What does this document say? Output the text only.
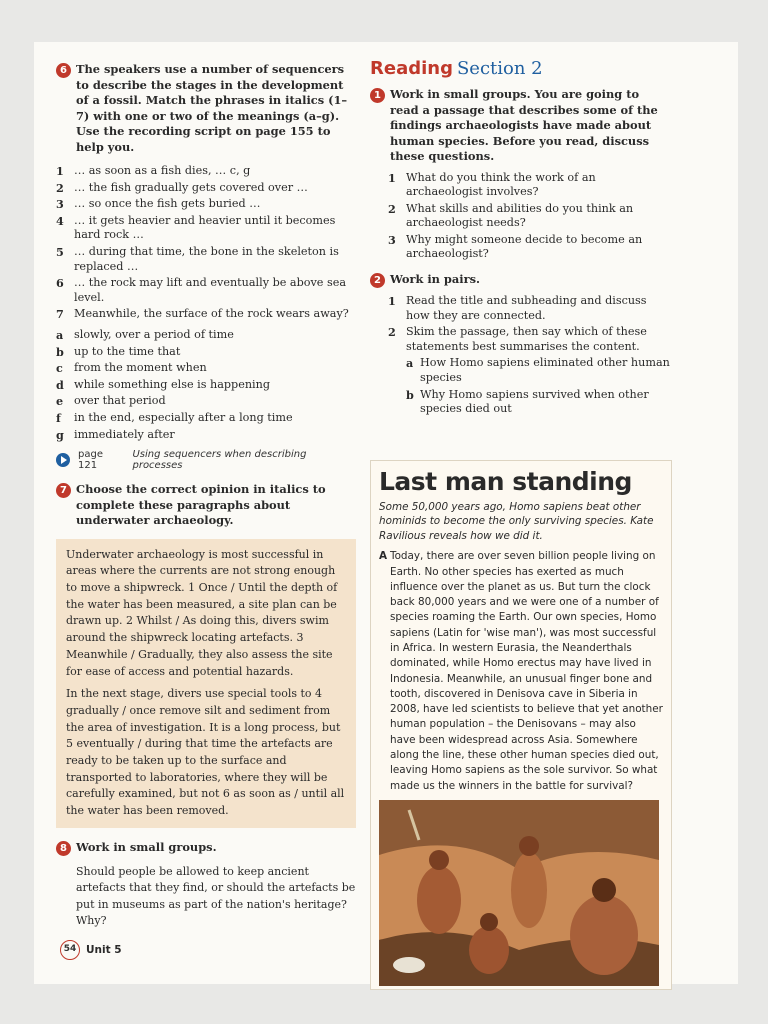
6 The speakers use a number of sequencers to describe the stages in the development of a fossil. Match the phrases in italics (1–7) with one or two of the meanings (a–g). Use the recording script on page 155 to help you.
1 … as soon as a fish dies, … c, g
2 … the fish gradually gets covered over …
3 … so once the fish gets buried …
4 … it gets heavier and heavier until it becomes hard rock …
5 … during that time, the bone in the skeleton is replaced …
6 … the rock may lift and eventually be above sea level.
7 Meanwhile, the surface of the rock wears away?
a slowly, over a period of time
b up to the time that
c from the moment when
d while something else is happening
e over that period
f	in the end, especially after a long time
g immediately after
page 121
Using sequencers when describing processes
7 Choose the correct opinion in italics to complete these paragraphs about underwater archaeology.

Underwater archaeology is most successful in areas where the currents are not strong enough to move a shipwreck. 1 Once / Until the depth of the water has been measured, a site plan can be drawn up. 2 Whilst / As doing this, divers swim around the shipwreck locating artefacts. 3 Meanwhile / Gradually, they also assess the site for ease of access and potential hazards.

In the next stage, divers use special tools to 4 gradually / once remove silt and sediment from the area of investigation. It is a long process, but 5 eventually / during that time the artefacts are ready to be taken up to the surface and transported to laboratories, where they will be carefully examined, but not 6 as soon as / until all the water has been removed.

8 Work in small groups.

Should people be allowed to keep ancient artefacts that they find, or should the artefacts be put in museums as part of the nation's heritage? Why?

54 Unit 5
Reading Section 2
1 Work in small groups. You are going to read a passage that describes some of the findings archaeologists have made about human species. Before you read, discuss these questions.
1 What do you think the work of an archaeologist involves?
2 What skills and abilities do you think an archaeologist needs?
3 Why might someone decide to become an archaeologist?
2 Work in pairs.
1 Read the title and subheading and discuss how they are connected.
2 Skim the passage, then say which of these statements best summarises the content.
a How Homo sapiens eliminated other human species
b Why Homo sapiens survived when other species died out
Last man standing
Some 50,000 years ago, Homo sapiens beat other hominids to become the only surviving species. Kate Ravilious reveals how we did it.
A Today, there are over seven billion people living on Earth. No other species has exerted as much influence over the planet as us. But turn the clock back 80,000 years and we were one of a number of species roaming the Earth. Our own species, Homo sapiens (Latin for 'wise man'), was most successful in Africa. In western Eurasia, the Neanderthals dominated, while Homo erectus may have lived in Indonesia. Meanwhile, an unusual finger bone and tooth, discovered in Denisova cave in Siberia in 2008, have led scientists to believe that yet another human population – the Denisovans – may also have been widespread across Asia. Somewhere along the line, these other human species died out, leaving Homo sapiens as the sole survivor. So what made us the winners in the battle for survival?
